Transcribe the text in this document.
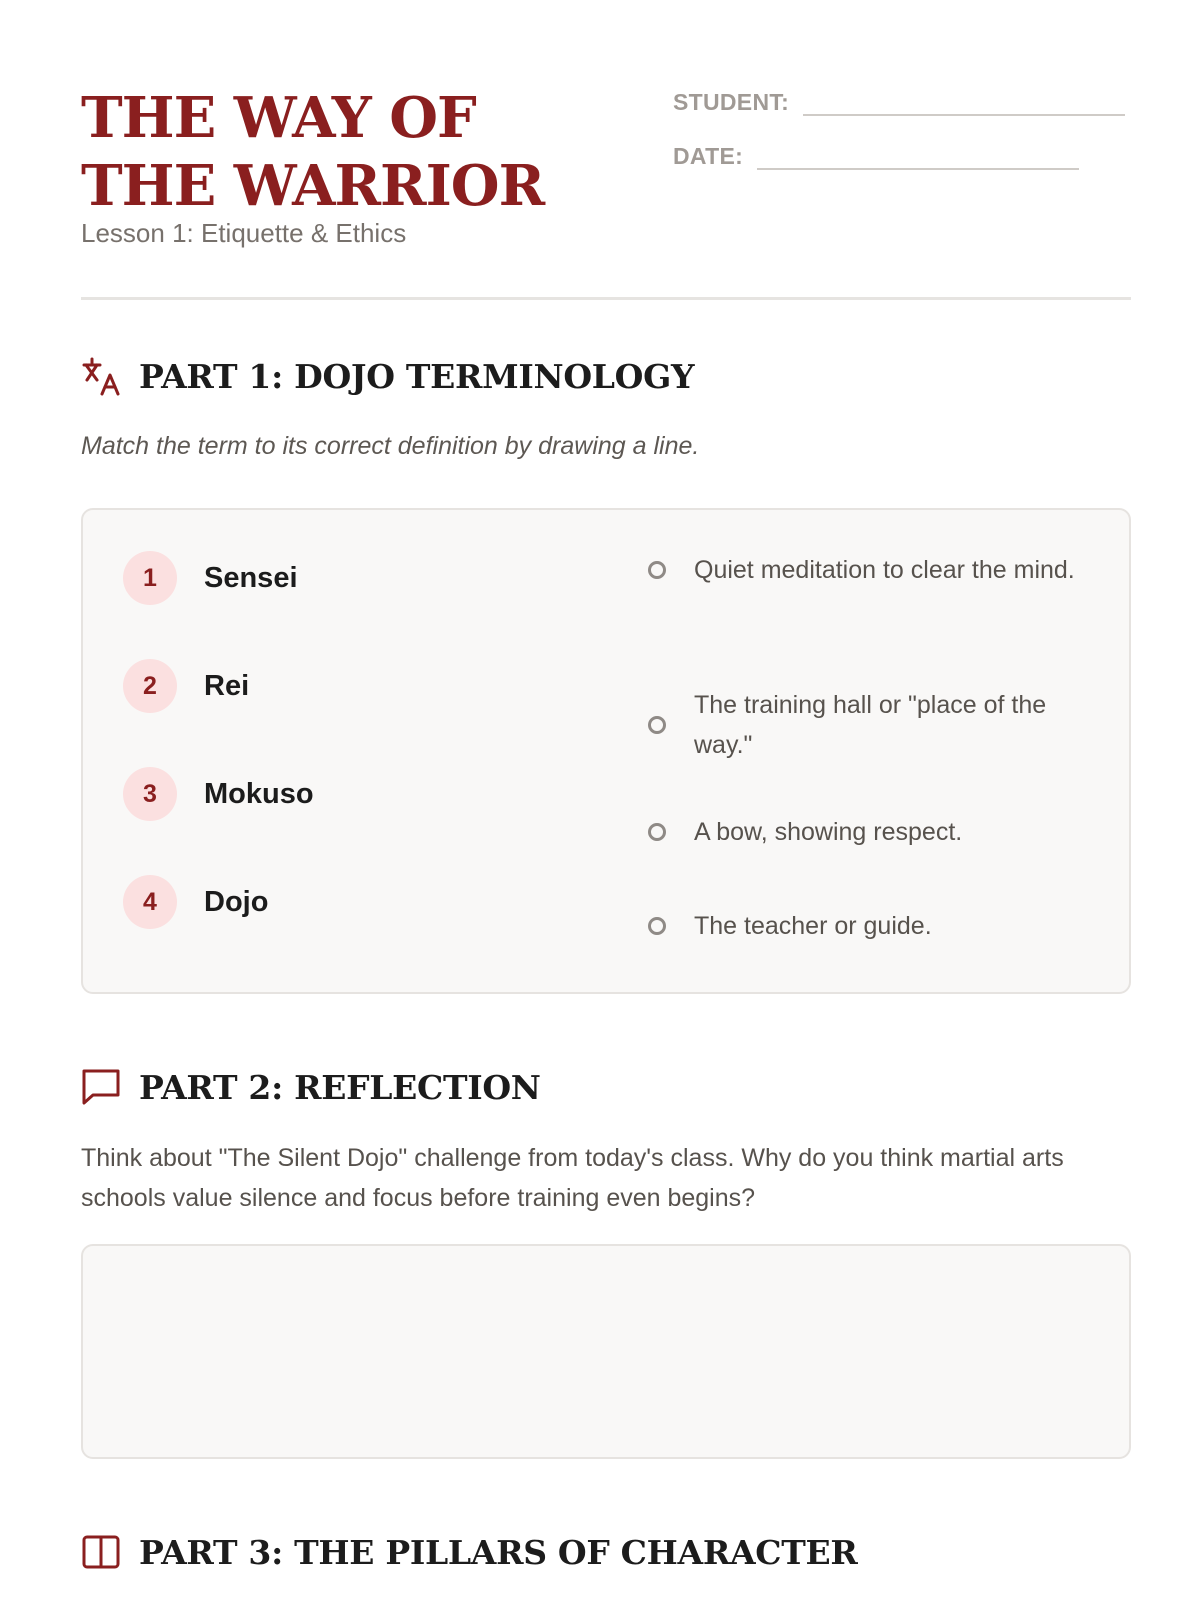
THE WAY OF THE WARRIOR
Lesson 1: Etiquette & Ethics
STUDENT:
DATE:
PART 1: DOJO TERMINOLOGY
Match the term to its correct definition by drawing a line.
1	Sensei
2	Rei
3	Mokuso
4	Dojo
Quiet meditation to clear the mind.
The training hall or "place of the way."
A bow, showing respect.
The teacher or guide.
PART 2: REFLECTION
Think about "The Silent Dojo" challenge from today's class. Why do you think martial arts schools value silence and focus before training even begins?
PART 3: THE PILLARS OF CHARACTER
